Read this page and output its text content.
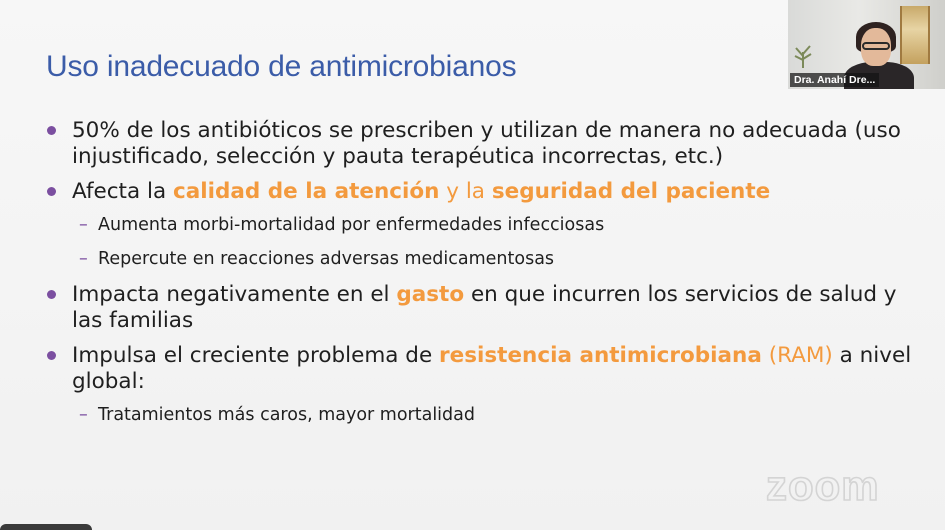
Uso inadecuado de antimicrobianos
50% de los antibióticos se prescriben y utilizan de manera no adecuada (uso injustificado, selección y pauta terapéutica incorrectas, etc.)
Afecta la calidad de la atención y la seguridad del paciente
– Aumenta morbi-mortalidad por enfermedades infecciosas
– Repercute en reacciones adversas medicamentosas
Impacta negativamente en el gasto en que incurren los servicios de salud y las familias
Impulsa el creciente problema de resistencia antimicrobiana (RAM) a nivel global:
– Tratamientos más caros, mayor mortalidad
Dra. Anahí Dre...
zoom
